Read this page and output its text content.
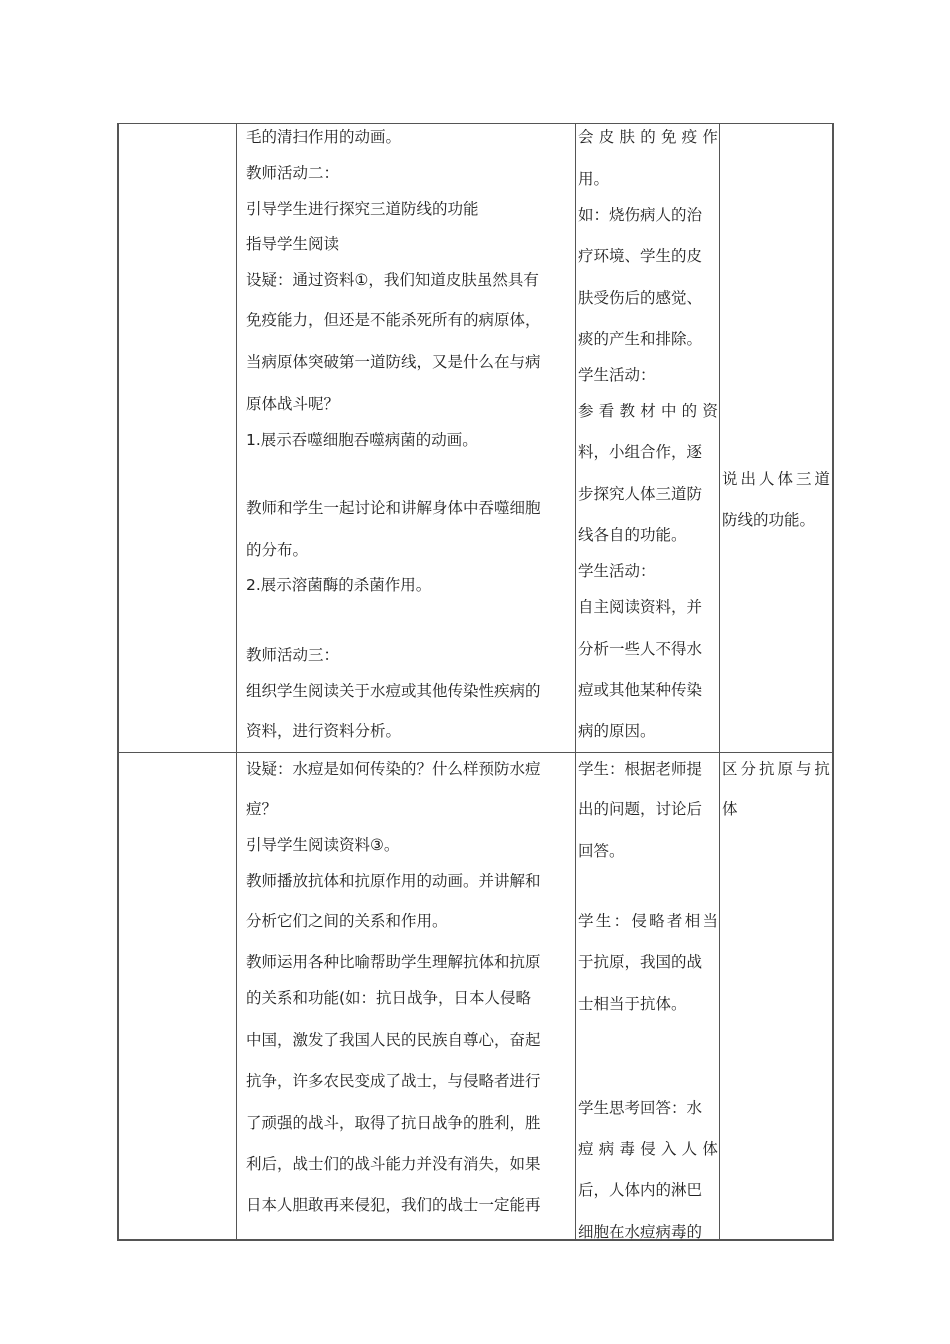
毛的清扫作用的动画。
教师活动二：
引导学生进行探究三道防线的功能
指导学生阅读
设疑：通过资料①，我们知道皮肤虽然具有
免疫能力，但还是不能杀死所有的病原体，
当病原体突破第一道防线，又是什么在与病
原体战斗呢？
1.展示吞噬细胞吞噬病菌的动画。
教师和学生一起讨论和讲解身体中吞噬细胞
的分布。
2.展示溶菌酶的杀菌作用。
教师活动三：
组织学生阅读关于水痘或其他传染性疾病的
资料，进行资料分析。
会 皮 肤 的 免 疫 作
用。
如：烧伤病人的治
疗环境、学生的皮
肤受伤后的感觉、
痰的产生和排除。
学生活动：
参 看 教 材 中 的 资
料，小组合作，逐
步探究人体三道防
线各自的功能。
学生活动：
自主阅读资料，并
分析一些人不得水
痘或其他某种传染
病的原因。
说 出 人 体 三 道
防线的功能。
设疑：水痘是如何传染的？什么样预防水痘
痘？
引导学生阅读资料③。
教师播放抗体和抗原作用的动画。并讲解和
分析它们之间的关系和作用。
教师运用各种比喻帮助学生理解抗体和抗原
的关系和功能(如：抗日战争，日本人侵略
中国，激发了我国人民的民族自尊心，奋起
抗争，许多农民变成了战士，与侵略者进行
了顽强的战斗，取得了抗日战争的胜利，胜
利后，战士们的战斗能力并没有消失，如果
日本人胆敢再来侵犯，我们的战士一定能再
学生：根据老师提
出的问题，讨论后
回答。
学 生 ： 侵 略 者 相 当
于抗原，我国的战
士相当于抗体。
学生思考回答：水
痘 病 毒 侵 入 人 体
后，人体内的淋巴
细胞在水痘病毒的
区 分 抗 原 与 抗
体
